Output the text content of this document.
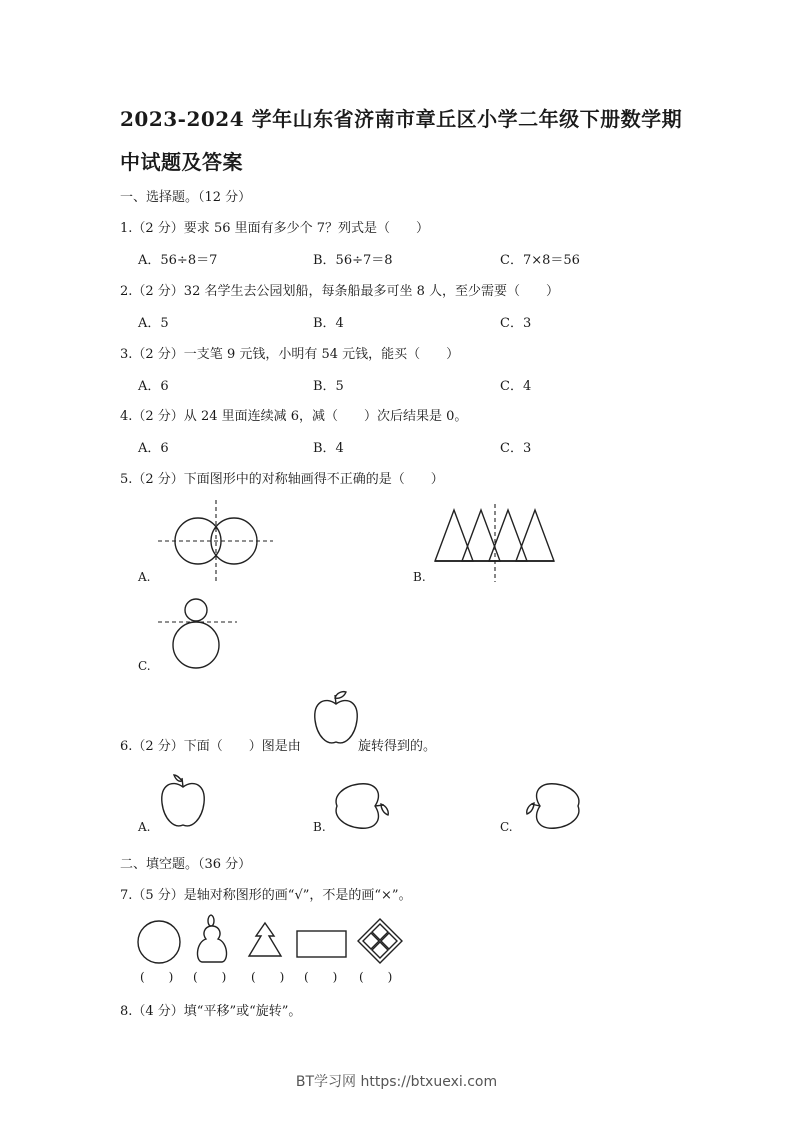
2023-2024 学年山东省济南市章丘区小学二年级下册数学期
中试题及答案
一、选择题。（12 分）
1.（2 分）要求 56 里面有多少个 7？列式是（　　）
A．56÷8＝7	B．56÷7＝8	C．7×8＝56
2.（2 分）32 名学生去公园划船，每条船最多可坐 8 人，至少需要（　　）
A．5	B．4	C．3
3.（2 分）一支笔 9 元钱，小明有 54 元钱，能买（　　）
A．6	B．5	C．4
4.（2 分）从 24 里面连续减 6，减（　　）次后结果是 0。
A．6	B．4	C．3
5.（2 分）下面图形中的对称轴画得不正确的是（　　）
A.	B.
C.
6.（2 分）下面（　　）图是由	旋转得到的。
A.	B.	C.
二、填空题。（36 分）
7.（5 分）是轴对称图形的画“√”，不是的画“×”。
(　　) (　　) (　　) (　　) (　　)
8.（4 分）填“平移”或“旋转”。
BT学习网 https://btxuexi.com
